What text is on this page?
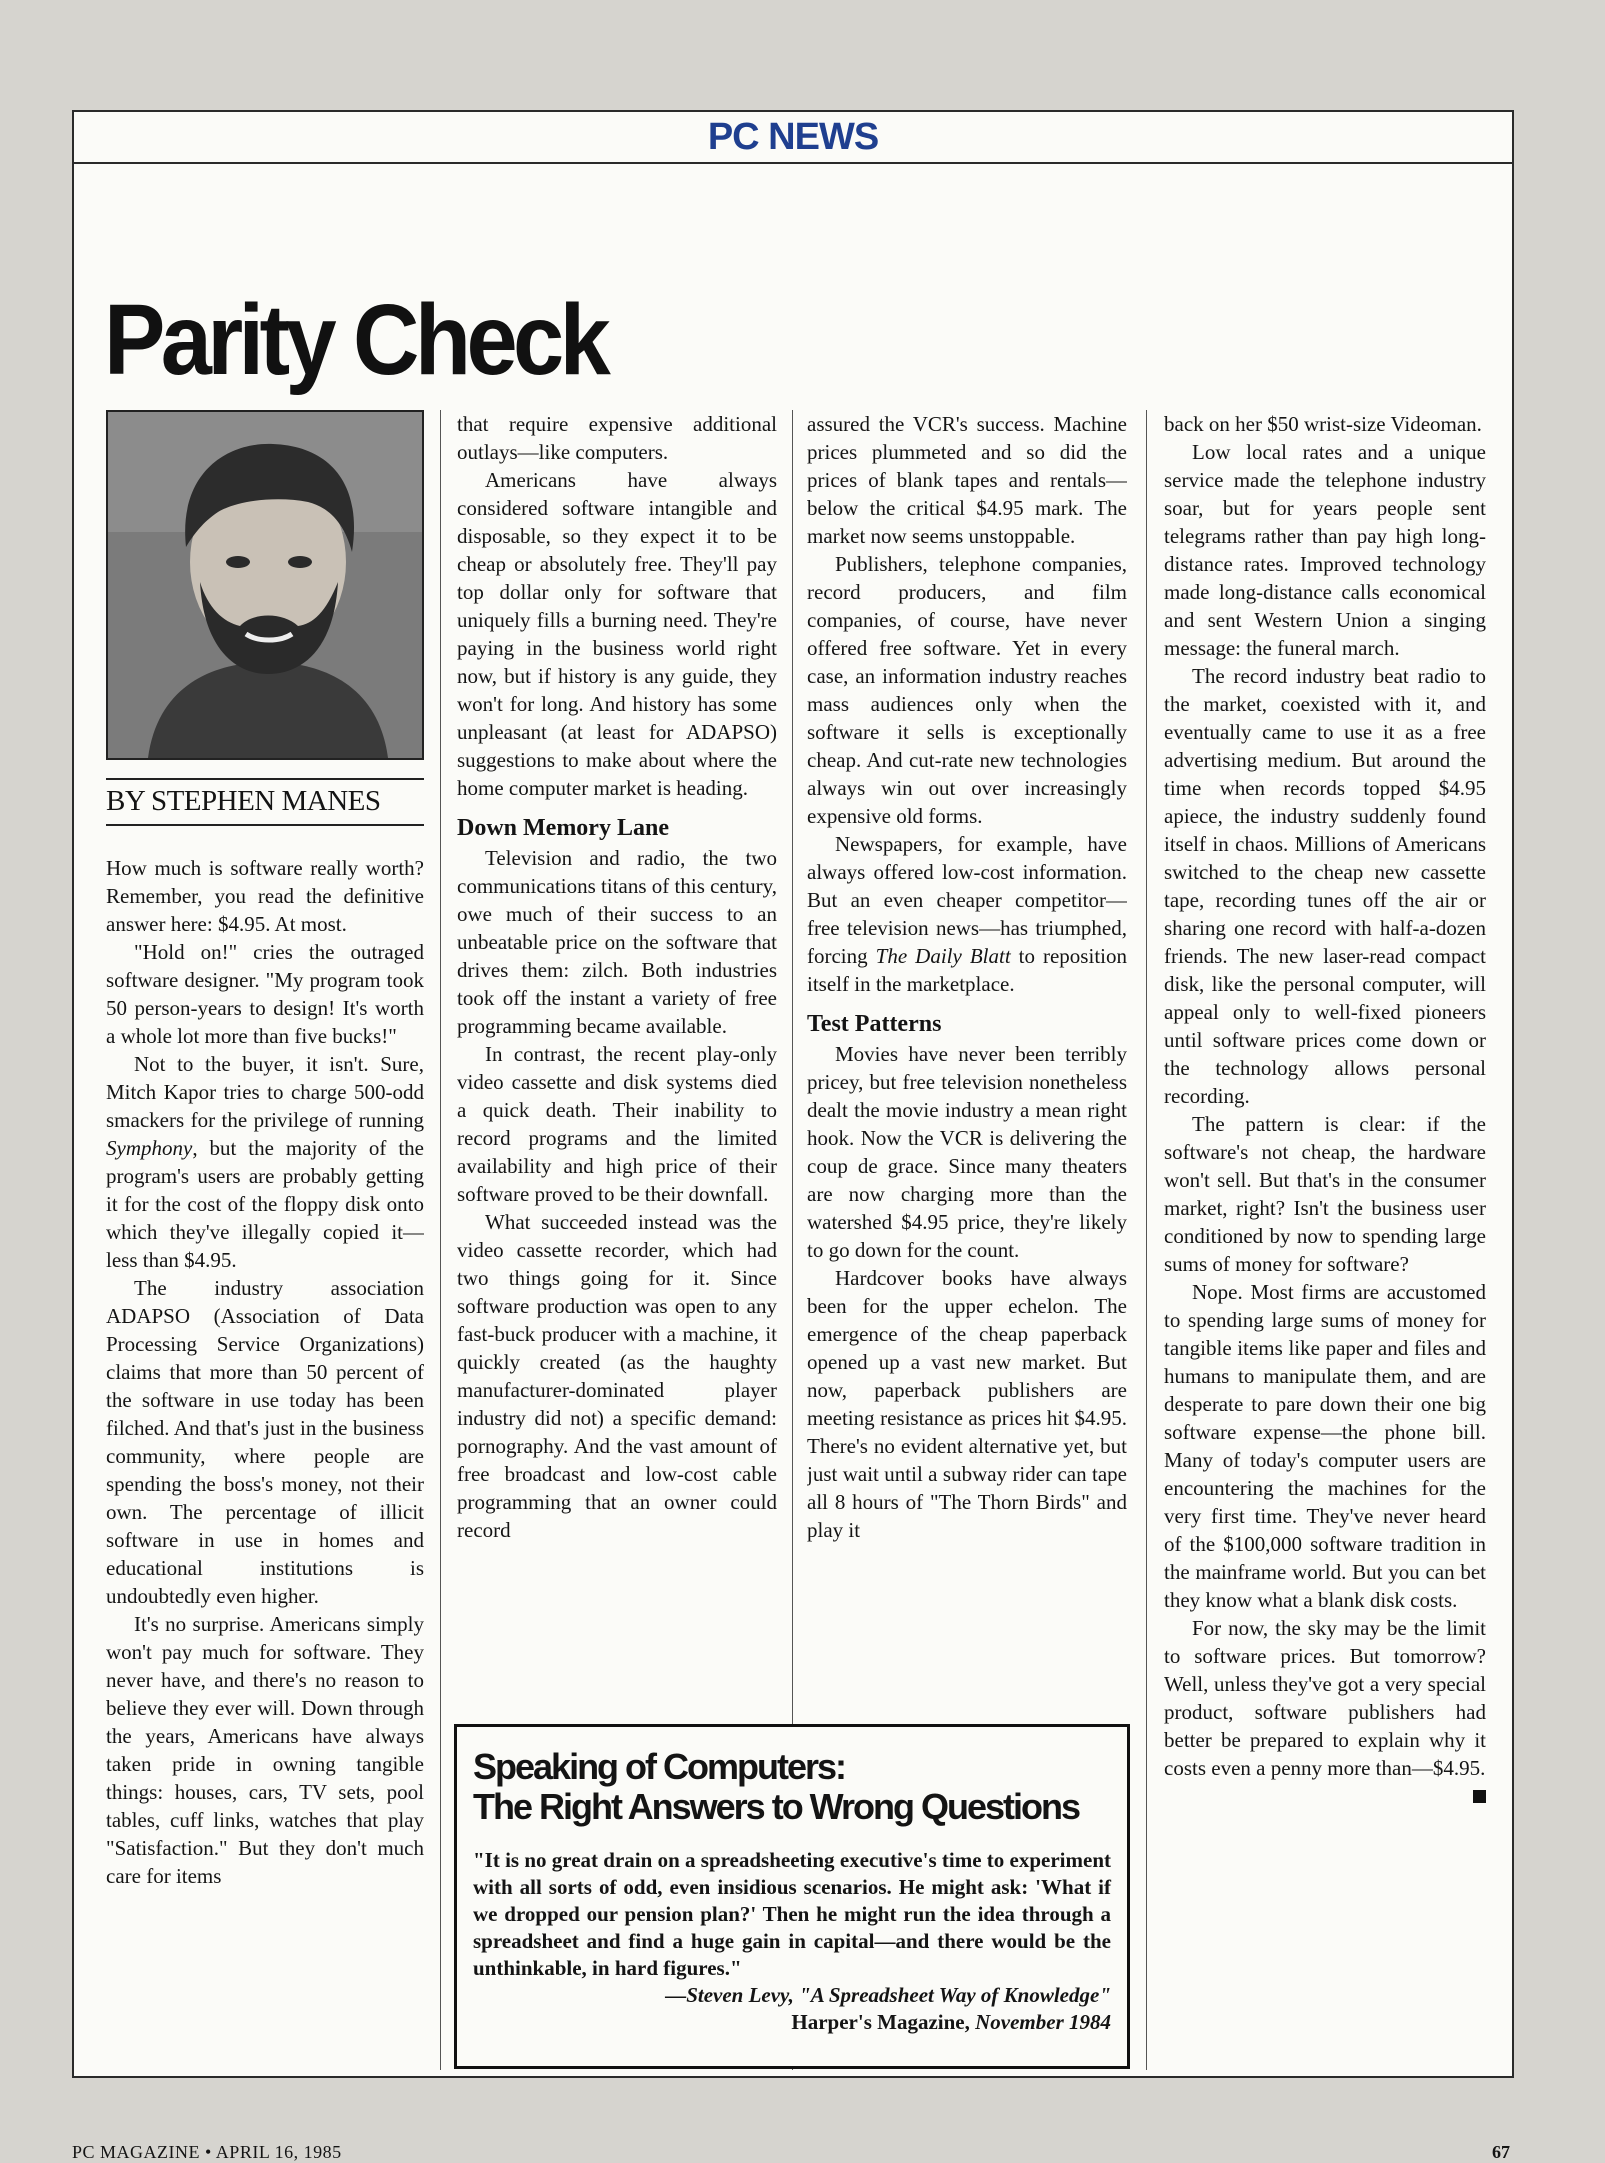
PC NEWS
Parity Check
BY STEPHEN MANES

How much is software really worth? Remember, you read the definitive answer here: $4.95. At most.

"Hold on!" cries the outraged software designer. "My program took 50 person-years to design! It's worth a whole lot more than five bucks!"

Not to the buyer, it isn't. Sure, Mitch Kapor tries to charge 500-odd smackers for the privilege of running Symphony, but the majority of the program's users are probably getting it for the cost of the floppy disk onto which they've illegally copied it—less than $4.95.

The industry association ADAPSO (Association of Data Processing Service Organizations) claims that more than 50 percent of the software in use today has been filched. And that's just in the business community, where people are spending the boss's money, not their own. The percentage of illicit software in use in homes and educational institutions is undoubtedly even higher.

It's no surprise. Americans simply won't pay much for software. They never have, and there's no reason to believe they ever will. Down through the years, Americans have always taken pride in owning tangible things: houses, cars, TV sets, pool tables, cuff links, watches that play "Satisfaction." But they don't much care for items

that require expensive additional outlays—like computers.

Americans have always considered software intangible and disposable, so they expect it to be cheap or absolutely free. They'll pay top dollar only for software that uniquely fills a burning need. They're paying in the business world right now, but if history is any guide, they won't for long. And history has some unpleasant (at least for ADAPSO) suggestions to make about where the home computer market is heading.

Down Memory Lane

Television and radio, the two communications titans of this century, owe much of their success to an unbeatable price on the software that drives them: zilch. Both industries took off the instant a variety of free programming became available.

In contrast, the recent play-only video cassette and disk systems died a quick death. Their inability to record programs and the limited availability and high price of their software proved to be their downfall.

What succeeded instead was the video cassette recorder, which had two things going for it. Since software production was open to any fast-buck producer with a machine, it quickly created (as the haughty manufacturer-dominated player industry did not) a specific demand: pornography. And the vast amount of free broadcast and low-cost cable programming that an owner could record

assured the VCR's success. Machine prices plummeted and so did the prices of blank tapes and rentals—below the critical $4.95 mark. The market now seems unstoppable.

Publishers, telephone companies, record producers, and film companies, of course, have never offered free software. Yet in every case, an information industry reaches mass audiences only when the software it sells is exceptionally cheap. And cut-rate new technologies always win out over increasingly expensive old forms.

Newspapers, for example, have always offered low-cost information. But an even cheaper competitor—free television news—has triumphed, forcing The Daily Blatt to reposition itself in the marketplace.

Test Patterns

Movies have never been terribly pricey, but free television nonetheless dealt the movie industry a mean right hook. Now the VCR is delivering the coup de grace. Since many theaters are now charging more than the watershed $4.95 price, they're likely to go down for the count.

Hardcover books have always been for the upper echelon. The emergence of the cheap paperback opened up a vast new market. But now, paperback publishers are meeting resistance as prices hit $4.95. There's no evident alternative yet, but just wait until a subway rider can tape all 8 hours of "The Thorn Birds" and play it

back on her $50 wrist-size Videoman.

Low local rates and a unique service made the telephone industry soar, but for years people sent telegrams rather than pay high long-distance rates. Improved technology made long-distance calls economical and sent Western Union a singing message: the funeral march.

The record industry beat radio to the market, coexisted with it, and eventually came to use it as a free advertising medium. But around the time when records topped $4.95 apiece, the industry suddenly found itself in chaos. Millions of Americans switched to the cheap new cassette tape, recording tunes off the air or sharing one record with half-a-dozen friends. The new laser-read compact disk, like the personal computer, will appeal only to well-fixed pioneers until software prices come down or the technology allows personal recording.

The pattern is clear: if the software's not cheap, the hardware won't sell. But that's in the consumer market, right? Isn't the business user conditioned by now to spending large sums of money for software?

Nope. Most firms are accustomed to spending large sums of money for tangible items like paper and files and humans to manipulate them, and are desperate to pare down their one big software expense—the phone bill. Many of today's computer users are encountering the machines for the very first time. They've never heard of the $100,000 software tradition in the mainframe world. But you can bet they know what a blank disk costs.

For now, the sky may be the limit to software prices. But tomorrow? Well, unless they've got a very special product, software publishers had better be prepared to explain why it costs even a penny more than—$4.95.

Speaking of Computers:
The Right Answers to Wrong Questions

"It is no great drain on a spreadsheeting executive's time to experiment with all sorts of odd, even insidious scenarios. He might ask: 'What if we dropped our pension plan?' Then he might run the idea through a spreadsheet and find a huge gain in capital—and there would be the unthinkable, in hard figures."

—Steven Levy, "A Spreadsheet Way of Knowledge"

Harper's Magazine, November 1984

PC MAGAZINE • APRIL 16, 1985	67
